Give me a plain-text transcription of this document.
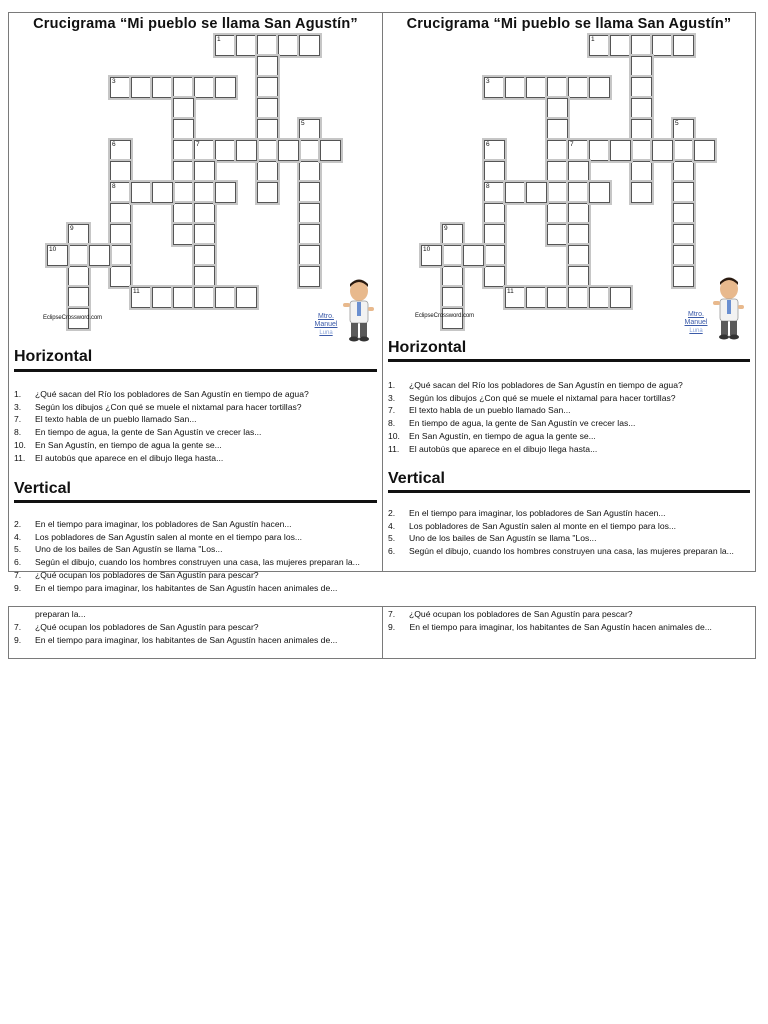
Crucigrama “Mi pueblo se llama San Agustín”
1
3
5
6
8
7
9
10
11
EclipseCrossword.com	Mtro.
Manuel
Luna
Horizontal
1. ¿Qué sacan del Río los pobladores de San Agustín en tiempo de agua?
3. Según los dibujos ¿Con qué se muele el nixtamal para hacer tortillas?
7. El texto habla de un pueblo llamado San...
8. En tiempo de agua, la gente de San Agustín ve crecer las...
10. En San Agustín, en tiempo de agua la gente se...
11. El autobús que aparece en el dibujo llega hasta...
Vertical
2. En el tiempo para imaginar, los pobladores de San Agustín hacen...
4. Los pobladores de San Agustín salen al monte en el tiempo para los...
5. Uno de los bailes de San Agustín se llama "Los...
6. Según el dibujo, cuando los hombres construyen una casa, las mujeres preparan la...
7. ¿Qué ocupan los pobladores de San Agustín para pescar?
9. En el tiempo para imaginar, los habitantes de San Agustín hacen animales de...
Crucigrama “Mi pueblo se llama San Agustín”
1
3
5
6
8
7
9
10
11
EclipseCrossword.com	Mtro.
Manuel
Luna
Horizontal
1. ¿Qué sacan del Río los pobladores de San Agustín en tiempo de agua?
3. Según los dibujos ¿Con qué se muele el nixtamal para hacer tortillas?
7. El texto habla de un pueblo llamado San...
8. En tiempo de agua, la gente de San Agustín ve crecer las...
10. En San Agustín, en tiempo de agua la gente se...
11. El autobús que aparece en el dibujo llega hasta...
Vertical
2. En el tiempo para imaginar, los pobladores de San Agustín hacen...
4. Los pobladores de San Agustín salen al monte en el tiempo para los...
5. Uno de los bailes de San Agustín se llama "Los...
6. Según el dibujo, cuando los hombres construyen una casa, las mujeres preparan la...
preparan la...
7. ¿Qué ocupan los pobladores de San Agustín para pescar?
9. En el tiempo para imaginar, los habitantes de San Agustín hacen animales de...
7. ¿Qué ocupan los pobladores de San Agustín para pescar?
9. En el tiempo para imaginar, los habitantes de San Agustín hacen animales de...
